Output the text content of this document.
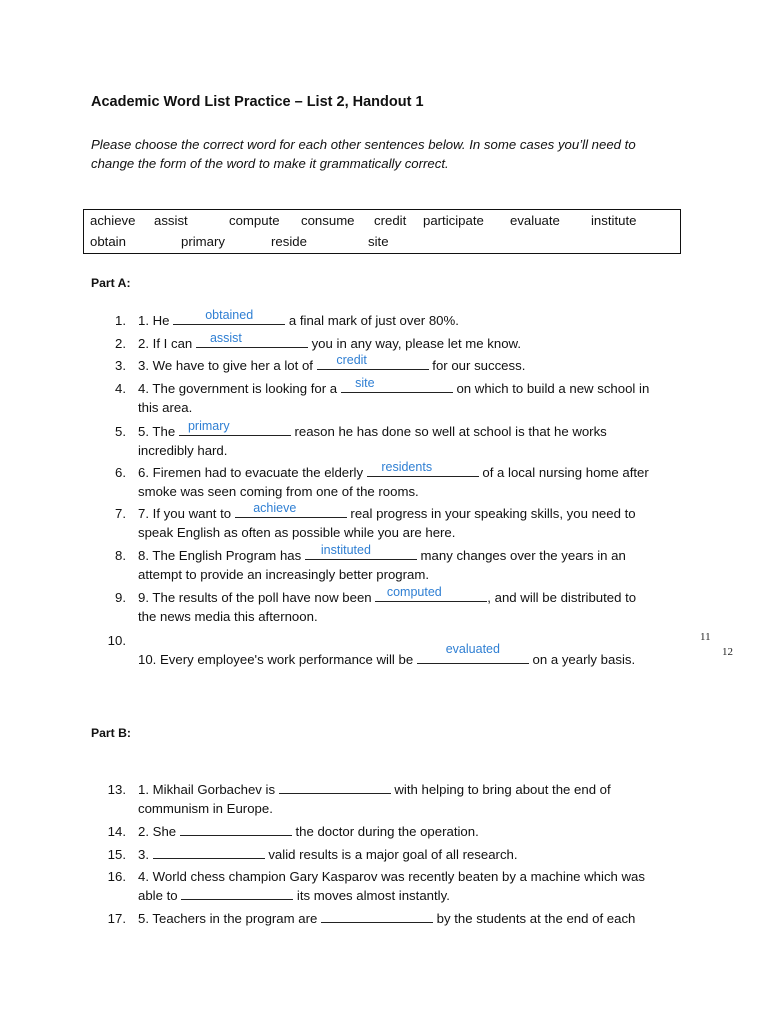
Academic Word List Practice – List 2, Handout 1
Please choose the correct word for each other sentences below. In some cases you’ll need to change the form of the word to make it grammatically correct.
achieve assist	compute consume credit participate evaluate institute
obtain	primary	reside	site
Part A:
1. 1. He	obtained	a final mark of just over 80%.
2. 2. If I can	assist	you in any way, please let me know.
3. 3. We have to give her a lot of	credit	for our success.
4. 4. The government is looking for a	site	on which to build a new school in
this area.
5. 5. The primary	reason he has done so well at school is that he works
incredibly hard.
6. 6. Firemen had to evacuate the elderly	residents	of a local nursing home after
smoke was seen coming from one of the rooms.
7. 7. If you want to	achieve	real progress in your speaking skills, you need to
speak English as often as possible while you are here.
8. 8. The English Program has	instituted	many changes over the years in an
attempt to provide an increasingly better program.
9. 9. The results of the poll have now been computed	, and will be distributed to
the news media this afternoon.
10.
10. Every employee's work performance will be
evaluated
on a yearly basis.
11
12
Part B:
13. 1. Mikhail Gorbachev is	with helping to bring about the end of
communism in Europe.
14. 2. She	the doctor during the operation.
15. 3.	valid results is a major goal of all research.
16. 4. World chess champion Gary Kasparov was recently beaten by a machine which was
able to	its moves almost instantly.
17. 5. Teachers in the program are	by the students at the end of each
